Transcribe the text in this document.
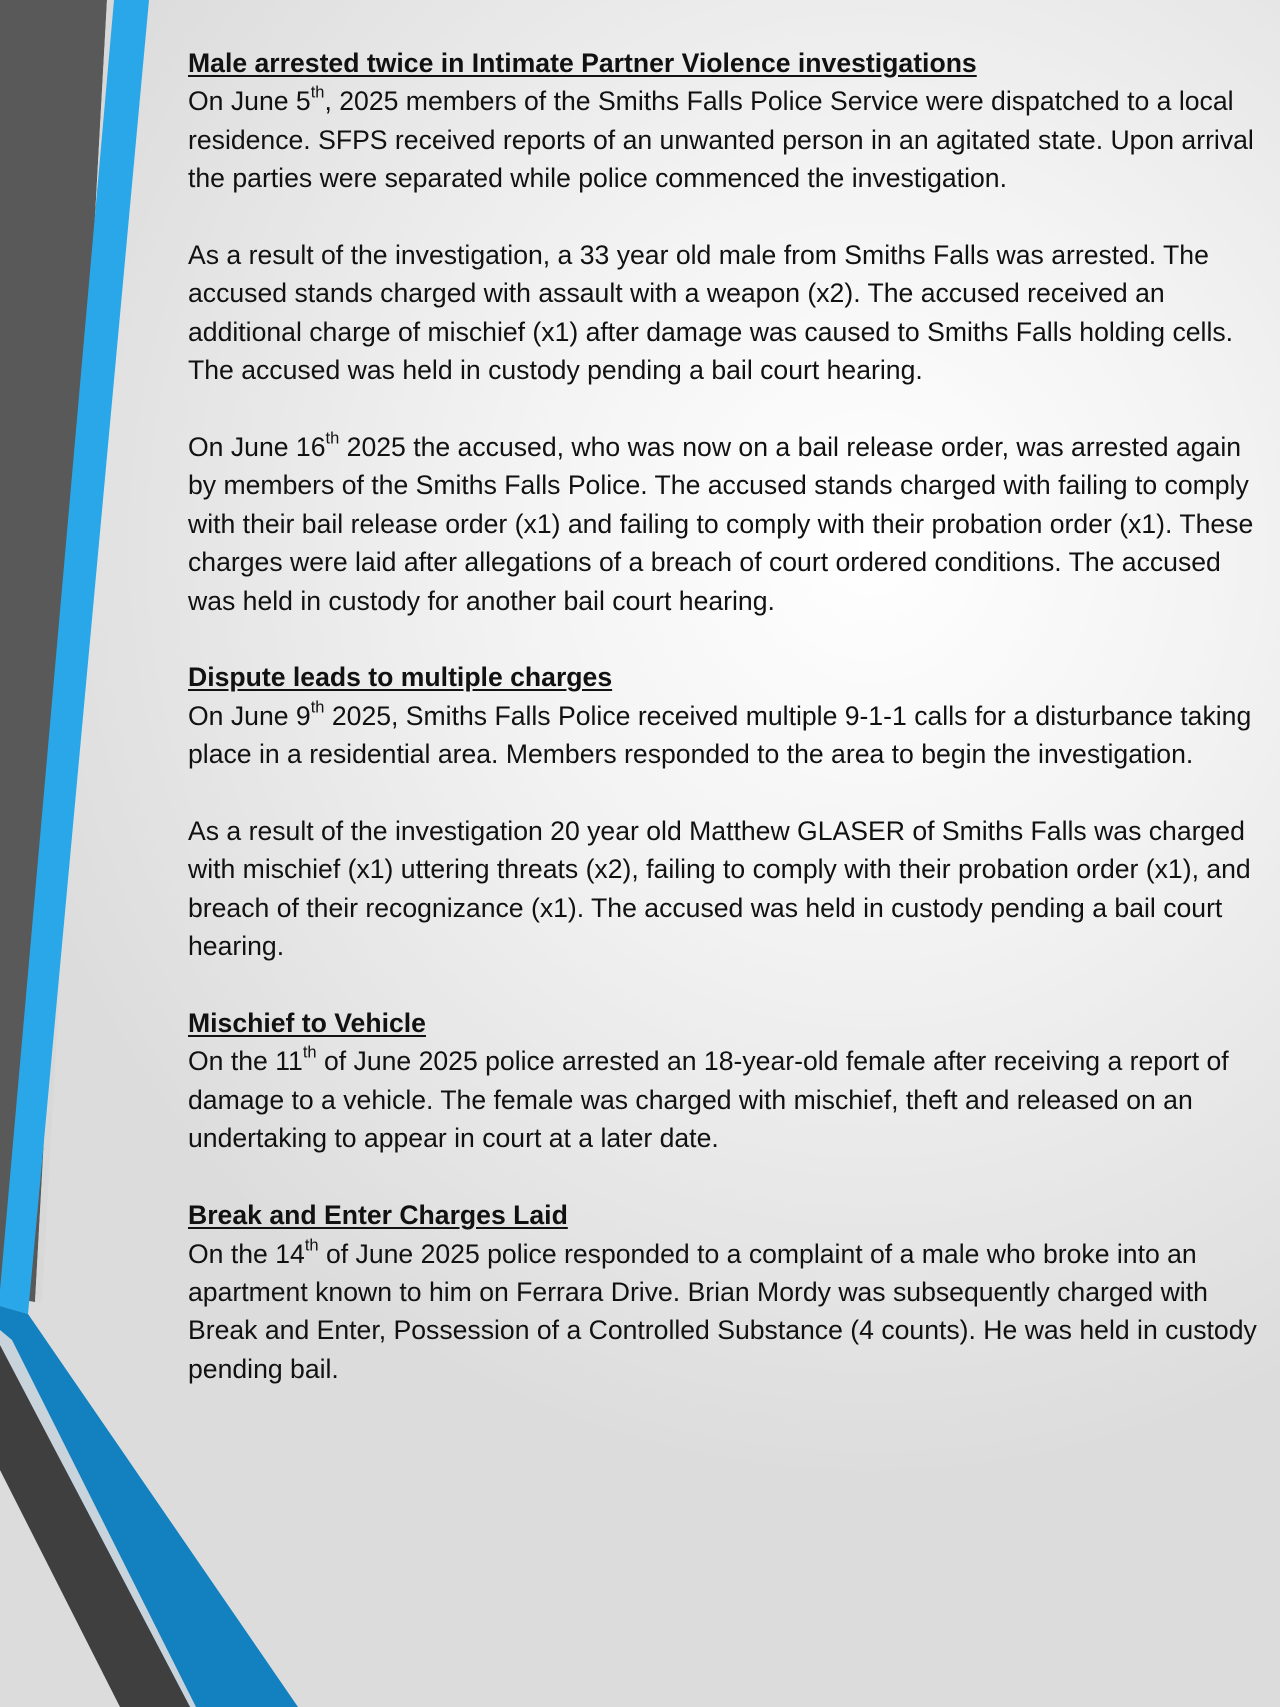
Male arrested twice in Intimate Partner Violence investigations

On June 5th, 2025 members of the Smiths Falls Police Service were dispatched to a local residence. SFPS received reports of an unwanted person in an agitated state. Upon arrival the parties were separated while police commenced the investigation.

As a result of the investigation, a 33 year old male from Smiths Falls was arrested. The accused stands charged with assault with a weapon (x2). The accused received an additional charge of mischief (x1) after damage was caused to Smiths Falls holding cells. The accused was held in custody pending a bail court hearing.

On June 16th 2025 the accused, who was now on a bail release order, was arrested again by members of the Smiths Falls Police. The accused stands charged with failing to comply with their bail release order (x1) and failing to comply with their probation order (x1). These charges were laid after allegations of a breach of court ordered conditions. The accused was held in custody for another bail court hearing.

Dispute leads to multiple charges

On June 9th 2025, Smiths Falls Police received multiple 9-1-1 calls for a disturbance taking place in a residential area. Members responded to the area to begin the investigation.

As a result of the investigation 20 year old Matthew GLASER of Smiths Falls was charged with mischief (x1) uttering threats (x2), failing to comply with their probation order (x1), and breach of their recognizance (x1). The accused was held in custody pending a bail court hearing.

Mischief to Vehicle

On the 11th of June 2025 police arrested an 18-year-old female after receiving a report of damage to a vehicle. The female was charged with mischief, theft and released on an undertaking to appear in court at a later date.

Break and Enter Charges Laid

On the 14th of June 2025 police responded to a complaint of a male who broke into an apartment known to him on Ferrara Drive. Brian Mordy was subsequently charged with Break and Enter, Possession of a Controlled Substance (4 counts). He was held in custody pending bail.
